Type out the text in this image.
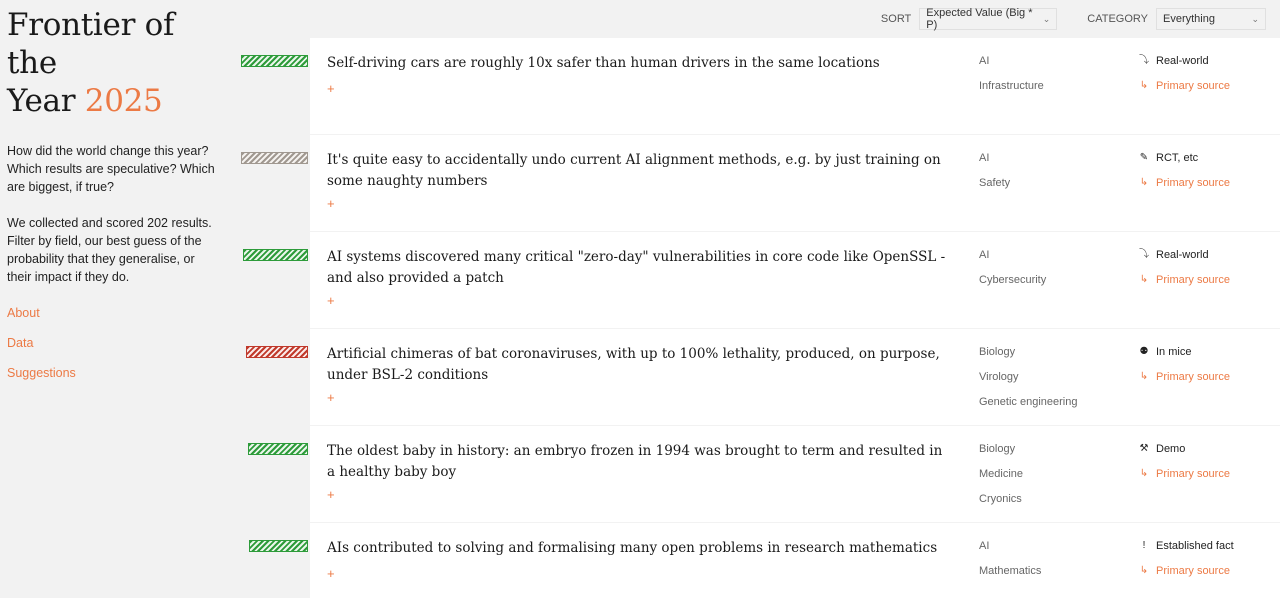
Frontier of the
Year 2025

How did the world change this year? Which results are speculative? Which are biggest, if true?

We collected and scored 202 results. Filter by field, our best guess of the probability that they generalise, or their impact if they do.

About
Data
Suggestions
SORT Expected Value (Big * P)
⌄	CATEGORY Everything	⌄
Self-driving cars are roughly 10x safer than human drivers in the same locations
+
AI
Infrastructure
⤵ Real-world
↳ Primary source
It's quite easy to accidentally undo current AI alignment methods, e.g. by just training on some naughty numbers
+
AI
Safety
✎ RCT, etc
↳ Primary source
AI systems discovered many critical "zero-day" vulnerabilities in core code like OpenSSL - and also provided a patch
+
AI
Cybersecurity
⤵ Real-world
↳ Primary source
Artificial chimeras of bat coronaviruses, with up to 100% lethality, produced, on purpose, under BSL-2 conditions
+
Biology
Virology
Genetic engineering
⚉ In mice
↳ Primary source
The oldest baby in history: an embryo frozen in 1994 was brought to term and resulted in a healthy baby boy
+
Biology
Medicine
Cryonics
⚒ Demo
↳ Primary source
AIs contributed to solving and formalising many open problems in research mathematics
+
AI
Mathematics
! Established fact
↳ Primary source
